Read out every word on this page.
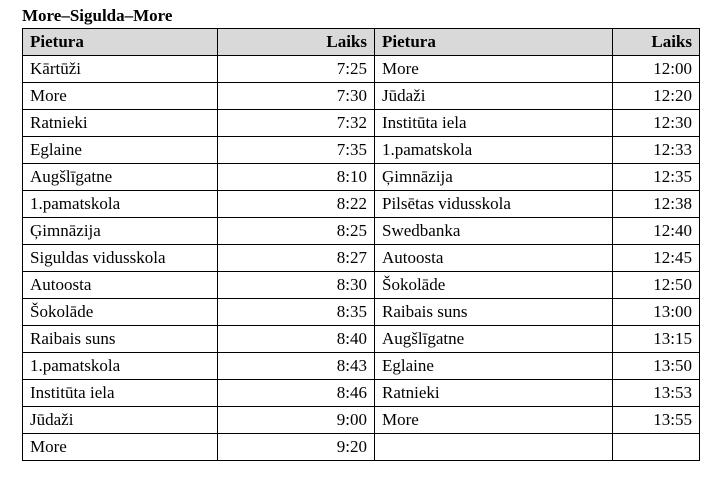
More–Sigulda–More
Pietura	Laiks	Pietura	Laiks
Kārtūži	7:25	More	12:00
More	7:30	Jūdaži	12:20
Ratnieki	7:32	Institūta iela	12:30
Eglaine	7:35	1.pamatskola	12:33
Augšlīgatne	8:10	Ģimnāzija	12:35
1.pamatskola	8:22	Pilsētas vidusskola	12:38
Ģimnāzija	8:25	Swedbanka	12:40
Siguldas vidusskola	8:27	Autoosta	12:45
Autoosta	8:30	Šokolāde	12:50
Šokolāde	8:35	Raibais suns	13:00
Raibais suns	8:40	Augšlīgatne	13:15
1.pamatskola	8:43	Eglaine	13:50
Institūta iela	8:46	Ratnieki	13:53
Jūdaži	9:00	More	13:55
More	9:20		
